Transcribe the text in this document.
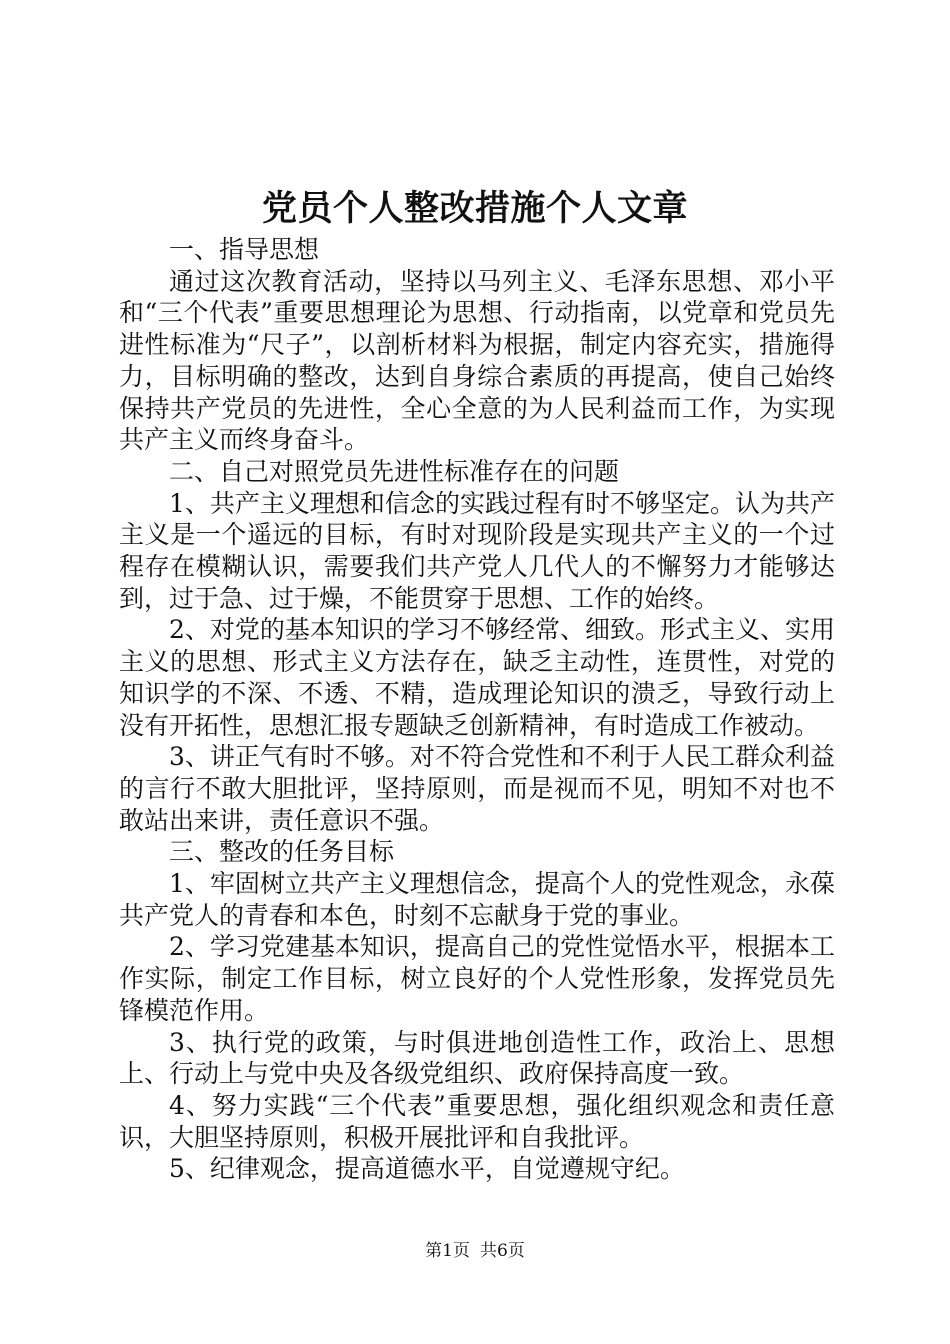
党员个人整改措施个人文章

一、指导思想

通过这次教育活动，坚持以马列主义、毛泽东思想、邓小平和“三个代表”重要思想理论为思想、行动指南，以党章和党员先进性标准为“尺子”，以剖析材料为根据，制定内容充实，措施得力，目标明确的整改，达到自身综合素质的再提高，使自己始终保持共产党员的先进性，全心全意的为人民利益而工作，为实现共产主义而终身奋斗。

二、自己对照党员先进性标准存在的问题

1、共产主义理想和信念的实践过程有时不够坚定。认为共产主义是一个遥远的目标，有时对现阶段是实现共产主义的一个过程存在模糊认识，需要我们共产党人几代人的不懈努力才能够达到，过于急、过于燥，不能贯穿于思想、工作的始终。

2、对党的基本知识的学习不够经常、细致。形式主义、实用主义的思想、形式主义方法存在，缺乏主动性，连贯性，对党的知识学的不深、不透、不精，造成理论知识的溃乏，导致行动上没有开拓性，思想汇报专题缺乏创新精神，有时造成工作被动。

3、讲正气有时不够。对不符合党性和不利于人民工群众利益的言行不敢大胆批评，坚持原则，而是视而不见，明知不对也不敢站出来讲，责任意识不强。

三、整改的任务目标

1、牢固树立共产主义理想信念，提高个人的党性观念，永葆共产党人的青春和本色，时刻不忘献身于党的事业。

2、学习党建基本知识，提高自己的党性觉悟水平，根据本工作实际，制定工作目标，树立良好的个人党性形象，发挥党员先锋模范作用。

3、执行党的政策，与时俱进地创造性工作，政治上、思想上、行动上与党中央及各级党组织、政府保持高度一致。

4、努力实践“三个代表”重要思想，强化组织观念和责任意识，大胆坚持原则，积极开展批评和自我批评。

5、纪律观念，提高道德水平，自觉遵规守纪。

第1页 共6页
